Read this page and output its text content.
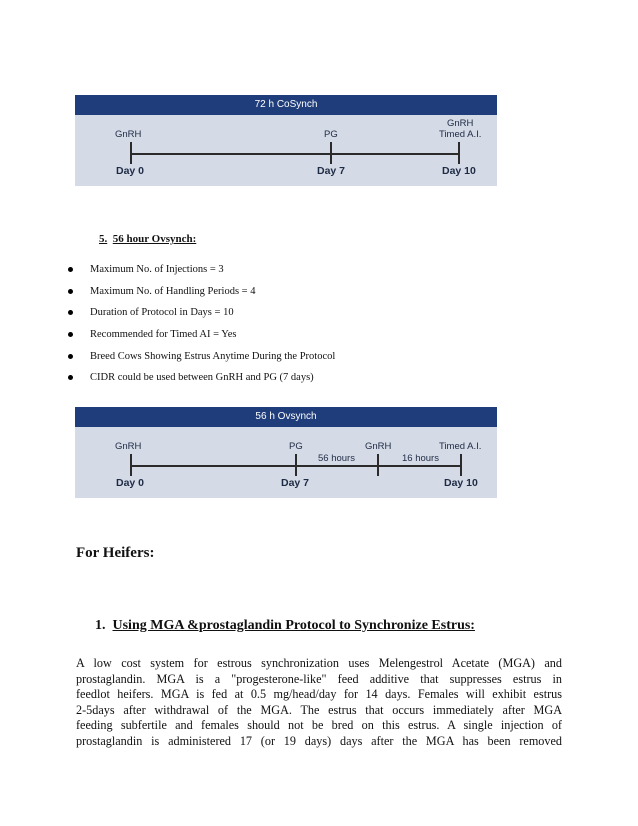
72 h CoSynch
GnRH	PG
GnRH
Timed A.I.
Day 0	Day 7	Day 10
5. 56 hour Ovsynch:
Maximum No. of Injections = 3
Maximum No. of Handling Periods = 4
Duration of Protocol in Days = 10
Recommended for Timed AI = Yes
Breed Cows Showing Estrus Anytime During the Protocol
CIDR could be used between GnRH and PG (7 days)
56 h Ovsynch
GnRH	PG	GnRH	Timed A.I.
56 hours	16 hours
Day 0	Day 7	Day 10
For Heifers:
1. Using MGA &prostaglandin Protocol to Synchronize Estrus:
A low cost system for estrous synchronization uses Melengestrol Acetate (MGA) and
prostaglandin. MGA is a "progesterone-like" feed additive that suppresses estrus in
feedlot heifers. MGA is fed at 0.5 mg/head/day for 14 days. Females will exhibit estrus
2-5days after withdrawal of the MGA. The estrus that occurs immediately after MGA
feeding subfertile and females should not be bred on this estrus. A single injection of
prostaglandin is administered 17 (or 19 days) days after the MGA has been removed
